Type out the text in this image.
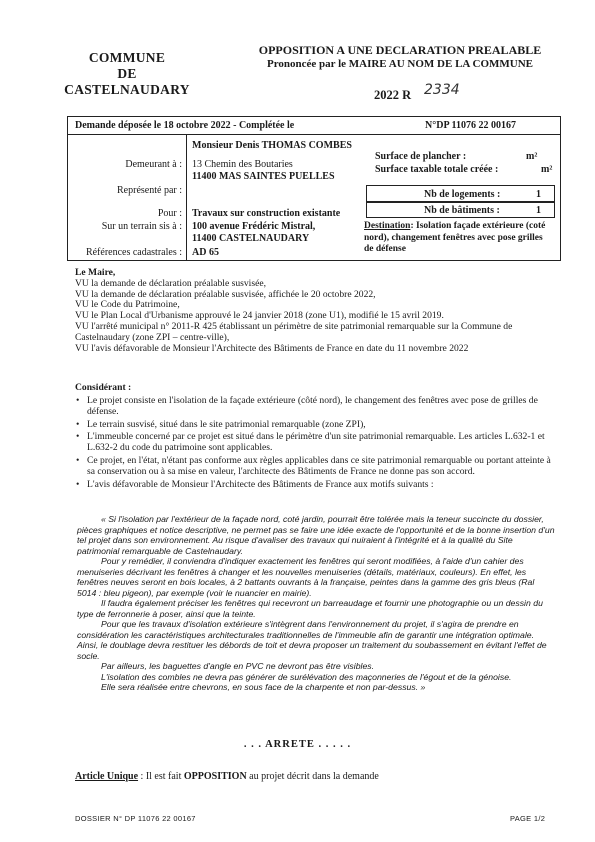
COMMUNE
DE
CASTELNAUDARY
OPPOSITION A UNE DECLARATION PREALABLE
Prononcée par le MAIRE AU NOM DE LA COMMUNE
2022 R 2334
Demande déposée le 18 octobre 2022 - Complétée le	N°DP 11076 22 00167
Monsieur Denis THOMAS COMBES
Demeurant à : 13 Chemin des Boutaries
11400 MAS SAINTES PUELLES
Représenté par :
Pour : Travaux sur construction existante
Sur un terrain sis à : 100 avenue Frédéric Mistral,
11400 CASTELNAUDARY
Références cadastrales : AD 65
Surface de plancher :	m²
Surface taxable totale créée :	m²
Nb de logements :	1
Nb de bâtiments :	1
Destination: Isolation façade extérieure (coté nord), changement fenêtres avec pose grilles de défense

Le Maire,

VU la demande de déclaration préalable susvisée,

VU la demande de déclaration préalable susvisée, affichée le 20 octobre 2022,

VU le Code du Patrimoine,

VU le Plan Local d'Urbanisme approuvé le 24 janvier 2018 (zone U1), modifié le 15 avril 2019.

VU l'arrêté municipal n° 2011-R 425 établissant un périmètre de site patrimonial remarquable sur la Commune de Castelnaudary (zone ZPI – centre-ville),

VU l'avis défavorable de Monsieur l'Architecte des Bâtiments de France en date du 11 novembre 2022

Considérant :
• Le projet consiste en l'isolation de la façade extérieure (côté nord), le changement des fenêtres avec pose de grilles de défense.
• Le terrain susvisé, situé dans le site patrimonial remarquable (zone ZPI),
• L'immeuble concerné par ce projet est situé dans le périmètre d'un site patrimonial remarquable. Les articles L.632-1 et L.632-2 du code du patrimoine sont applicables.
• Ce projet, en l'état, n'étant pas conforme aux règles applicables dans ce site patrimonial remarquable ou portant atteinte à sa conservation ou à sa mise en valeur, l'architecte des Bâtiments de France ne donne pas son accord.
• L'avis défavorable de Monsieur l'Architecte des Bâtiments de France aux motifs suivants :

« Si l'isolation par l'extérieur de la façade nord, coté jardin, pourrait être tolérée mais la teneur succincte du dossier, pièces graphiques et notice descriptive, ne permet pas se faire une idée exacte de l'opportunité et de la bonne insertion d'un tel projet dans son environnement. Au risque d'avaliser des travaux qui nuiraient à l'intégrité et à la qualité du Site patrimonial remarquable de Castelnaudary.

Pour y remédier, il conviendra d'indiquer exactement les fenêtres qui seront modifiées, à l'aide d'un cahier des menuiseries décrivant les fenêtres à changer et les nouvelles menuiseries (détails, matériaux, couleurs). En effet, les fenêtres neuves seront en bois locales, à 2 battants ouvrants à la française, peintes dans la gamme des gris bleus (Ral 5014 : bleu pigeon), par exemple (voir le nuancier en mairie).

Il faudra également préciser les fenêtres qui recevront un barreaudage et fournir une photographie ou un dessin du type de ferronnerie à poser, ainsi que la teinte.

Pour que les travaux d'isolation extérieure s'intègrent dans l'environnement du projet, il s'agira de prendre en considération les caractéristiques architecturales traditionnelles de l'immeuble afin de garantir une intégration optimale. Ainsi, le doublage devra restituer les débords de toit et devra proposer un traitement du soubassement en évitant l'effet de socle.

Par ailleurs, les baguettes d'angle en PVC ne devront pas être visibles.

L'isolation des combles ne devra pas générer de surélévation des maçonneries de l'égout et de la génoise.

Elle sera réalisée entre chevrons, en sous face de la charpente et non par-dessus. »

. . . ARRETE . . . . .
Article Unique : Il est fait OPPOSITION au projet décrit dans la demande
DOSSIER N° DP 11076 22 00167	PAGE 1/2
